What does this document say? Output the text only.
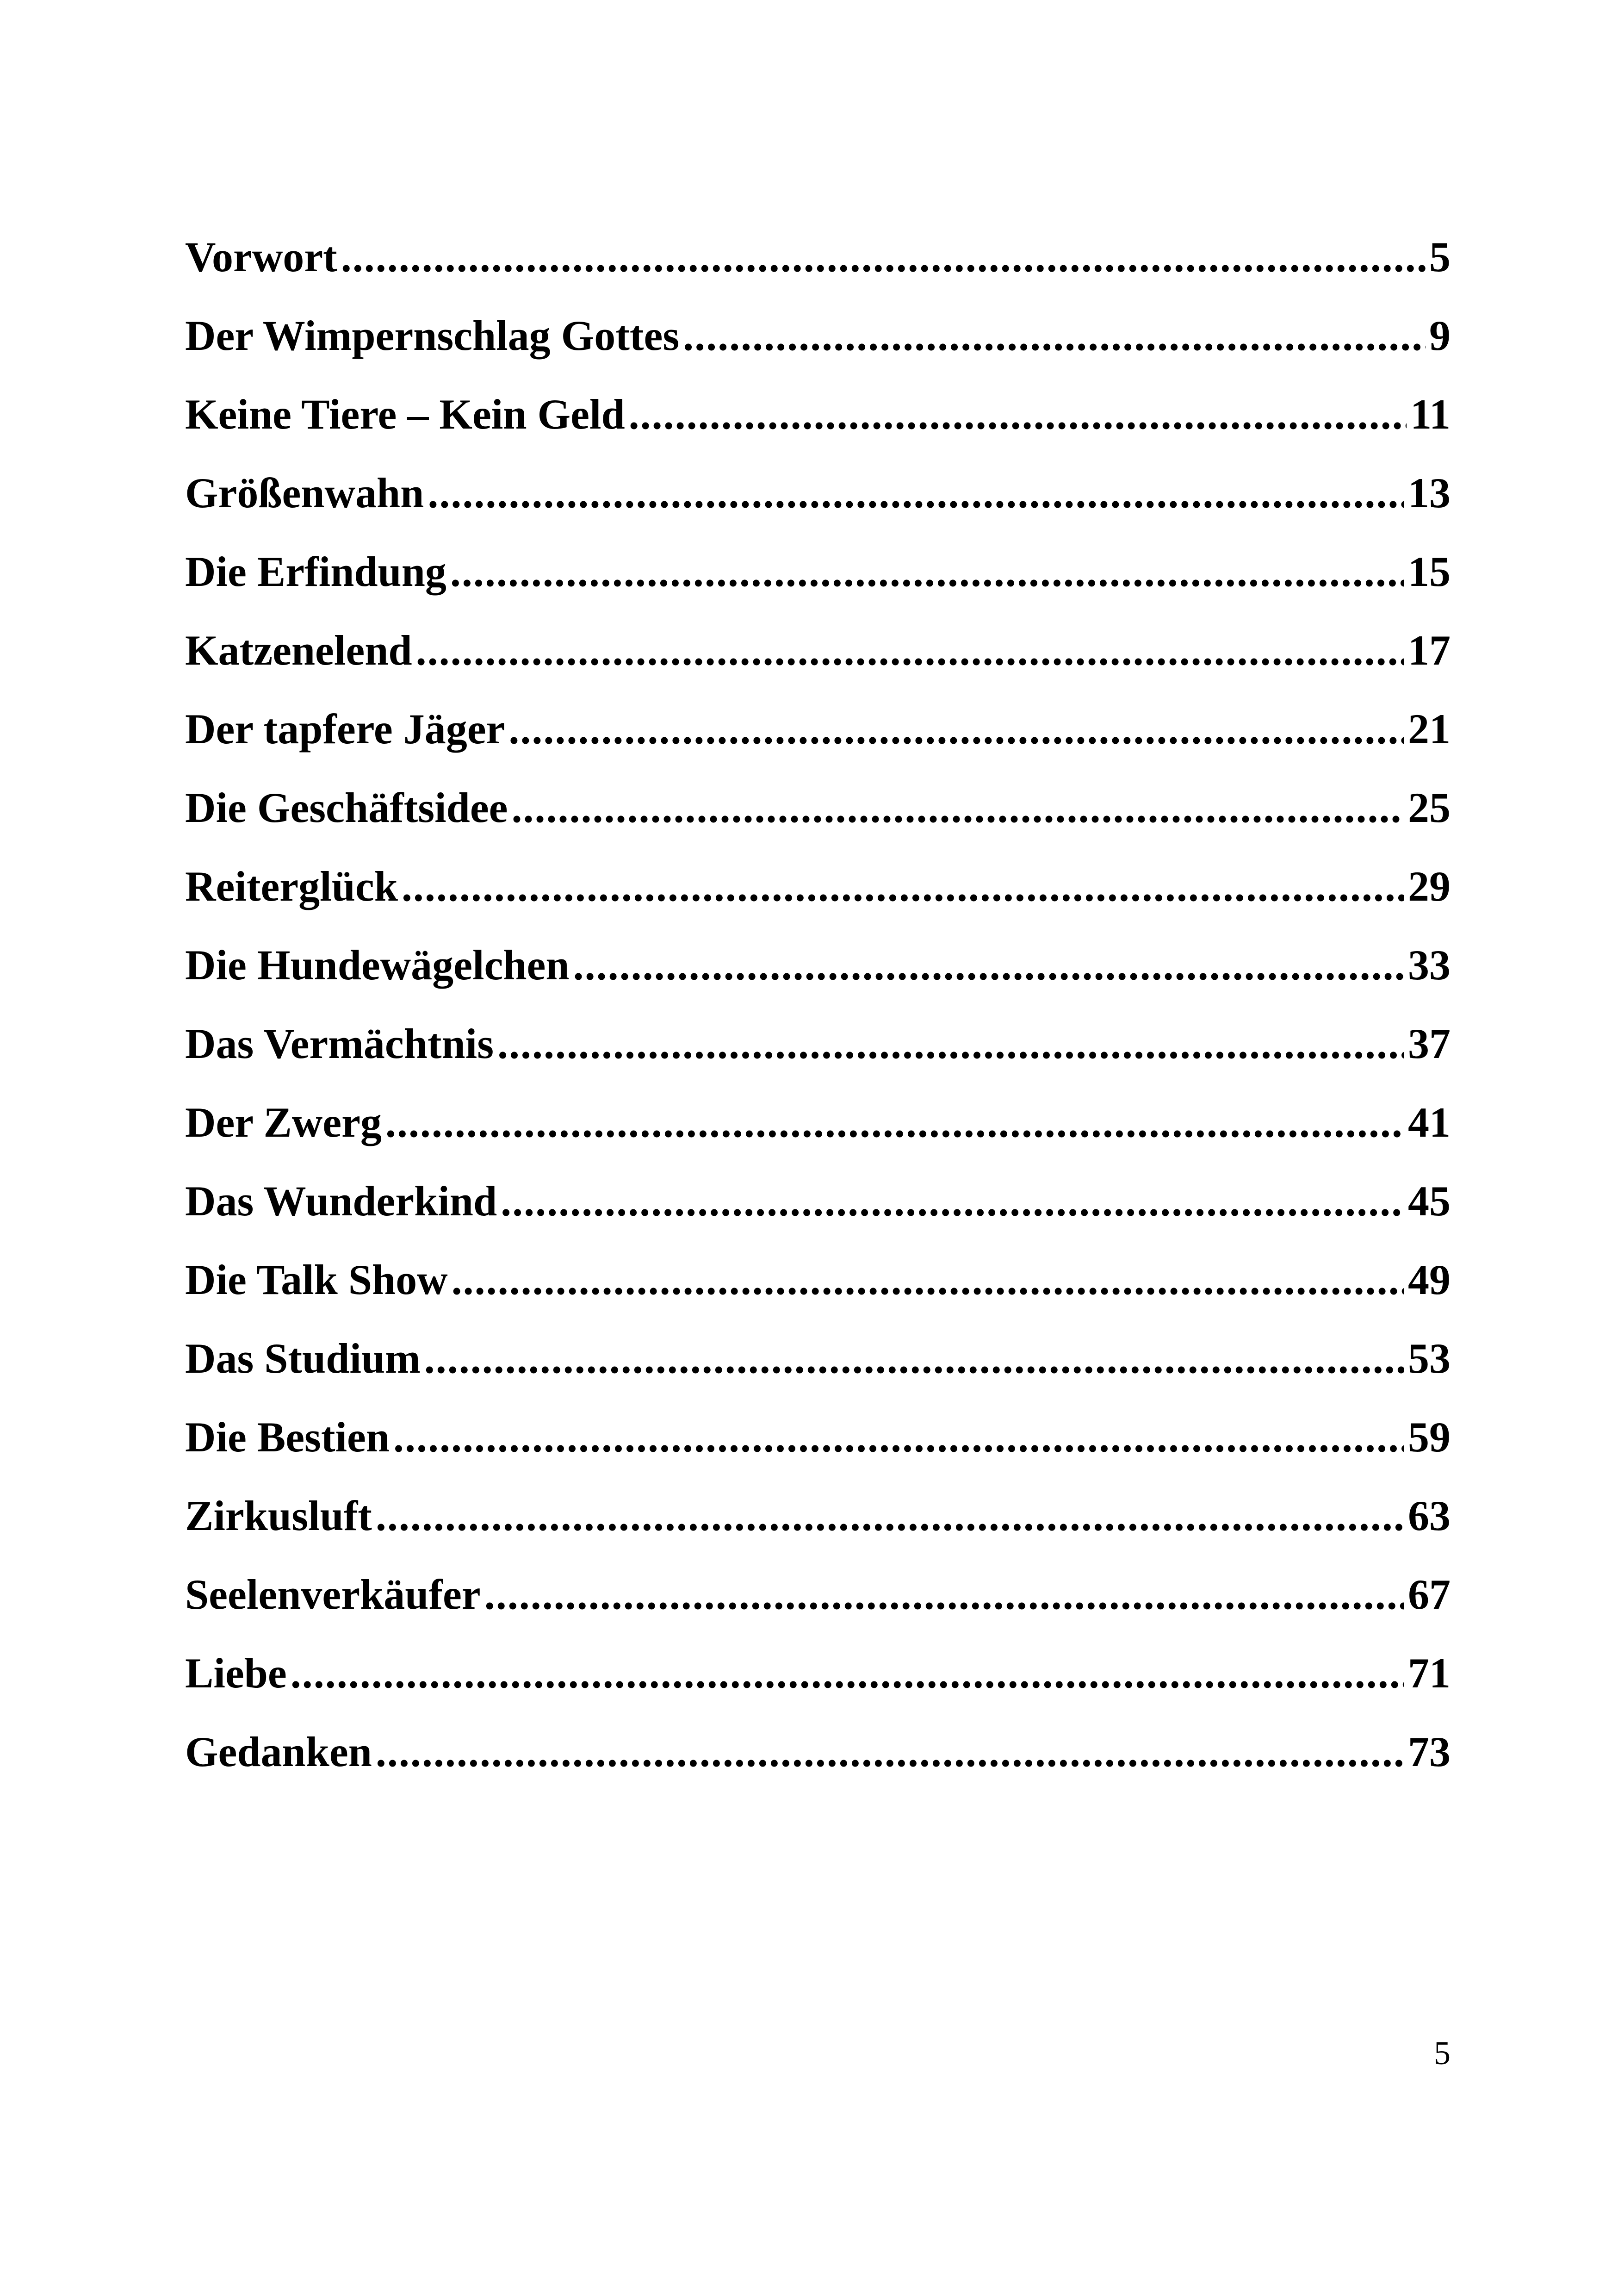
Vorwort .....	5
Der Wimpernschlag Gottes .....	9
Keine Tiere – Kein Geld .....	11
Größenwahn .....	13
Die Erfindung .....	15
Katzenelend .....	17
Der tapfere Jäger .....	21
Die Geschäftsidee .....	25
Reiterglück .....	29
Die Hundewägelchen .....	33
Das Vermächtnis .....	37
Der Zwerg .....	41
Das Wunderkind .....	45
Die Talk Show .....	49
Das Studium .....	53
Die Bestien .....	59
Zirkusluft .....	63
Seelenverkäufer .....	67
Liebe .....	71
Gedanken .....	73
5
